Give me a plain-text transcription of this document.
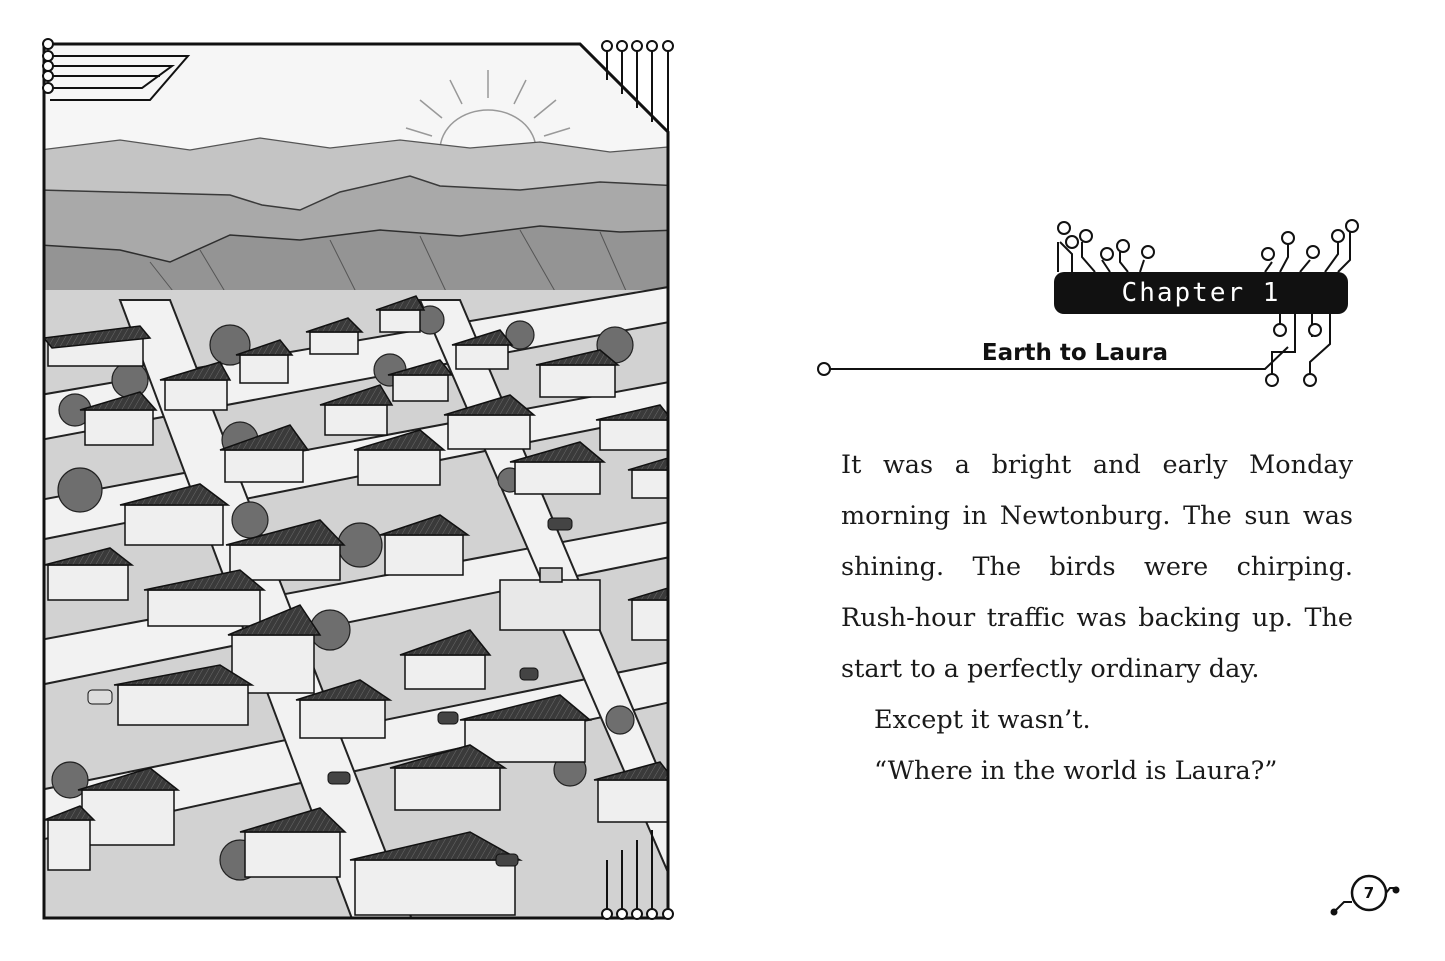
Chapter 1
Earth to Laura

It was a bright and early Monday morning in Newtonburg. The sun was shining. The birds were chirping. Rush-hour traffic was backing up. The start to a perfectly ordinary day.

Except it wasn’t.

“Where in the world is Laura?”

7
